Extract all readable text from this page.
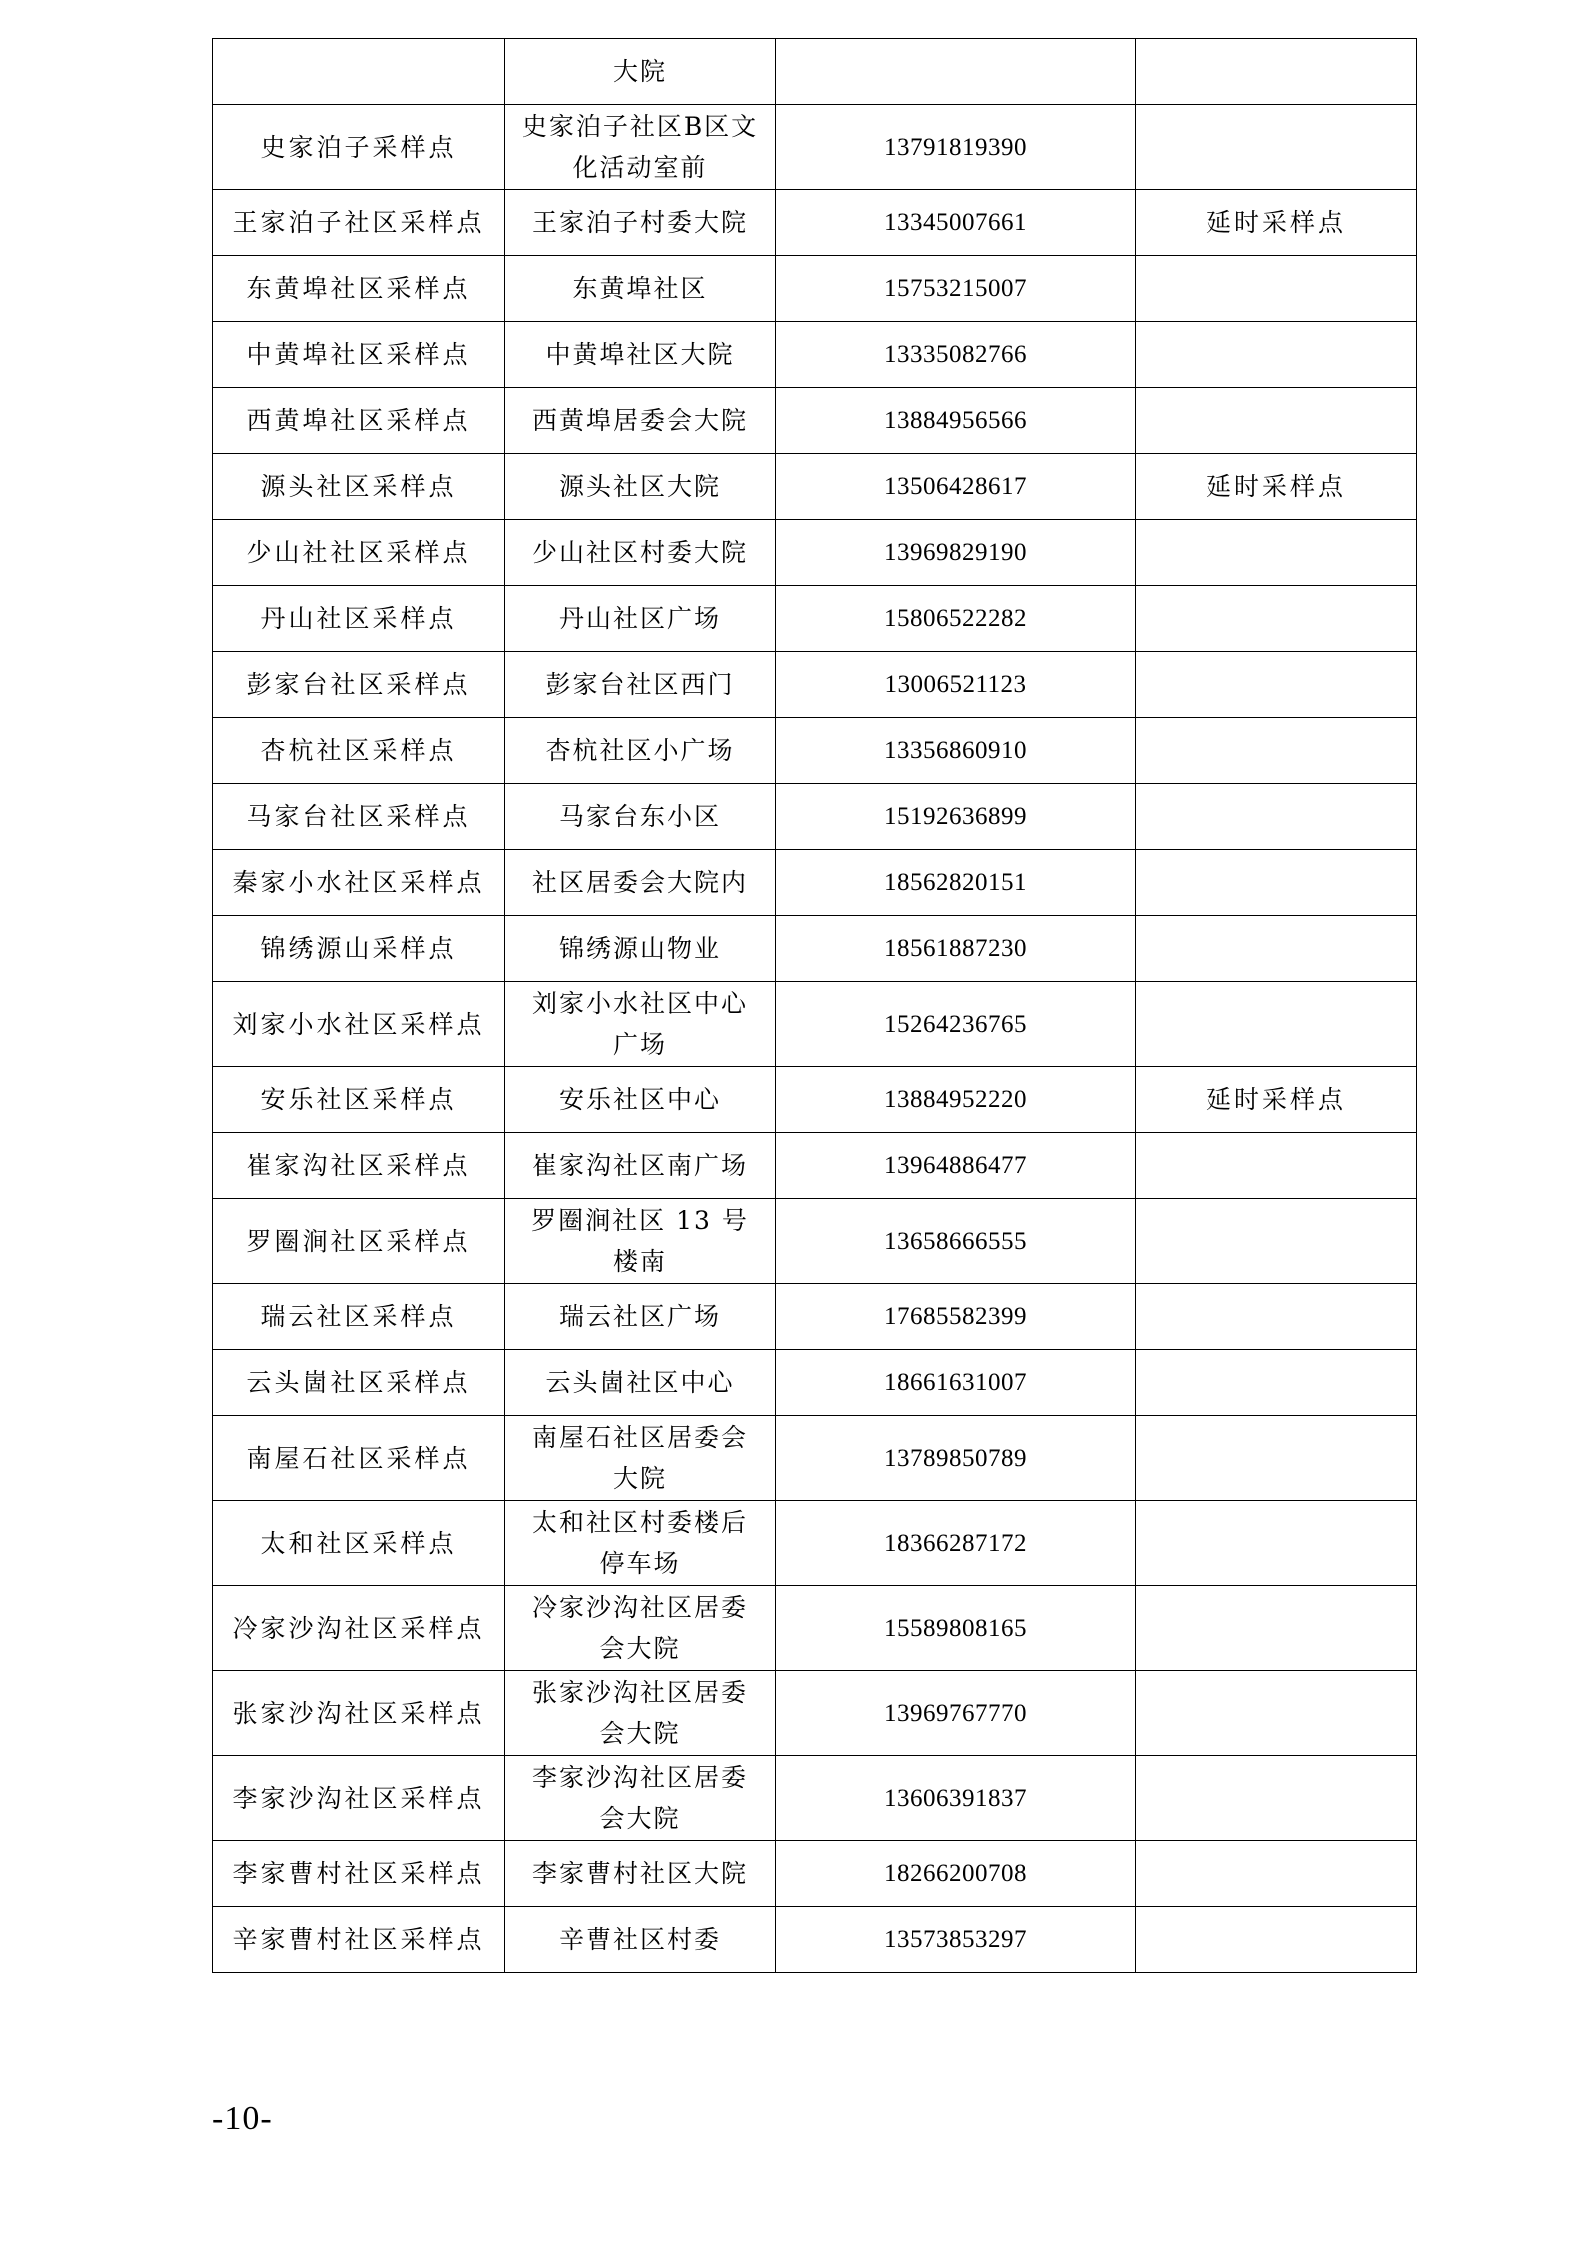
	大院		
史家泊子采样点	史家泊子社区B区文化活动室前	13791819390	
王家泊子社区采样点	王家泊子村委大院	13345007661	延时采样点
东黄埠社区采样点	东黄埠社区	15753215007	
中黄埠社区采样点	中黄埠社区大院	13335082766	
西黄埠社区采样点	西黄埠居委会大院	13884956566	
源头社区采样点	源头社区大院	13506428617	延时采样点
少山社社区采样点	少山社区村委大院	13969829190	
丹山社区采样点	丹山社区广场	15806522282	
彭家台社区采样点	彭家台社区西门	13006521123	
杏杭社区采样点	杏杭社区小广场	13356860910	
马家台社区采样点	马家台东小区	15192636899	
秦家小水社区采样点	社区居委会大院内	18562820151	
锦绣源山采样点	锦绣源山物业	18561887230	
刘家小水社区采样点	刘家小水社区中心广场	15264236765	
安乐社区采样点	安乐社区中心	13884952220	延时采样点
崔家沟社区采样点	崔家沟社区南广场	13964886477	
罗圈涧社区采样点	罗圈涧社区 13 号楼南	13658666555	
瑞云社区采样点	瑞云社区广场	17685582399	
云头崮社区采样点	云头崮社区中心	18661631007	
南屋石社区采样点	南屋石社区居委会大院	13789850789	
太和社区采样点	太和社区村委楼后停车场	18366287172	
冷家沙沟社区采样点	冷家沙沟社区居委会大院	15589808165	
张家沙沟社区采样点	张家沙沟社区居委会大院	13969767770	
李家沙沟社区采样点	李家沙沟社区居委会大院	13606391837	
李家曹村社区采样点	李家曹村社区大院	18266200708	
辛家曹村社区采样点	辛曹社区村委	13573853297	
-10-
